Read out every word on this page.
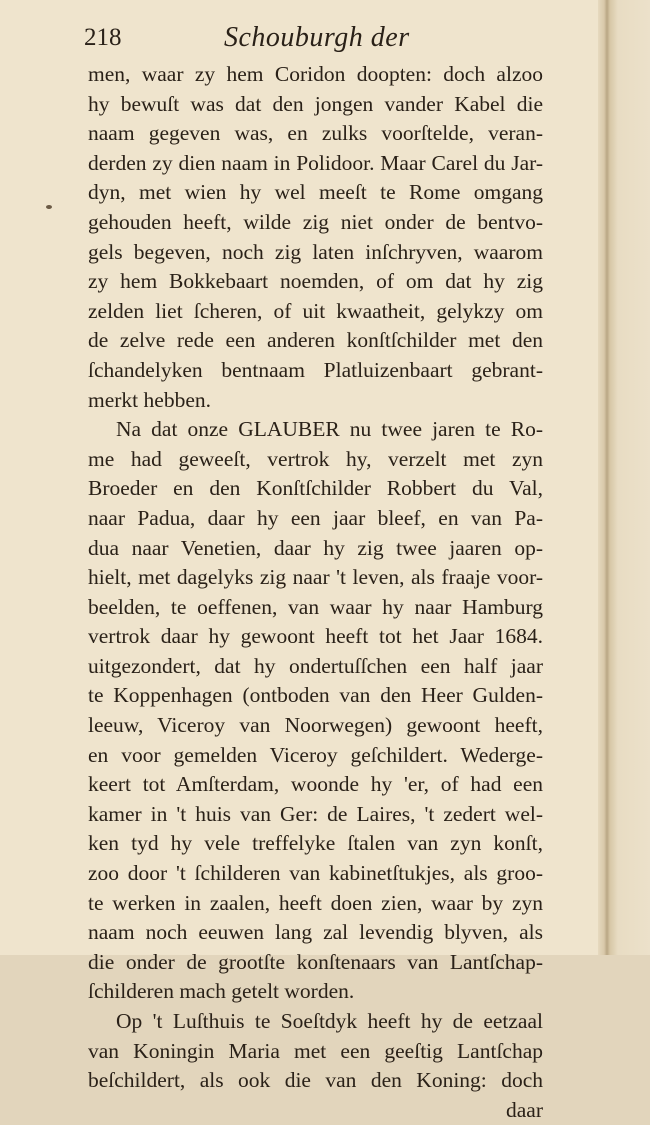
218	Schouburgh der
men, waar zy hem Coridon doopten: doch alzoo
hy bewuſt was dat den jongen vander Kabel die
naam gegeven was, en zulks voorſtelde, veran-
derden zy dien naam in Polidoor. Maar Carel du Jar-
dyn, met wien hy wel meeſt te Rome omgang
gehouden heeft, wilde zig niet onder de bentvo-
gels begeven, noch zig laten inſchryven, waarom
zy hem Bokkebaart noemden, of om dat hy zig
zelden liet ſcheren, of uit kwaatheit, gelykzy om
de zelve rede een anderen konſtſchilder met den
ſchandelyken bentnaam Platluizenbaart gebrant-
merkt hebben.
Na dat onze GLAUBER nu twee jaren te Ro-
me had geweeſt, vertrok hy, verzelt met zyn
Broeder en den Konſtſchilder Robbert du Val,
naar Padua, daar hy een jaar bleef, en van Pa-
dua naar Venetien, daar hy zig twee jaaren op-
hielt, met dagelyks zig naar 't leven, als fraaje voor-
beelden, te oeffenen, van waar hy naar Hamburg
vertrok daar hy gewoont heeft tot het Jaar 1684.
uitgezondert, dat hy ondertuſſchen een half jaar
te Koppenhagen (ontboden van den Heer Gulden-
leeuw, Viceroy van Noorwegen) gewoont heeft,
en voor gemelden Viceroy geſchildert. Wederge-
keert tot Amſterdam, woonde hy 'er, of had een
kamer in 't huis van Ger: de Laires, 't zedert wel-
ken tyd hy vele treffelyke ſtalen van zyn konſt,
zoo door 't ſchilderen van kabinetſtukjes, als groo-
te werken in zaalen, heeft doen zien, waar by zyn
naam noch eeuwen lang zal levendig blyven, als
die onder de grootſte konſtenaars van Lantſchap-
ſchilderen mach getelt worden.
Op 't Luſthuis te Soeſtdyk heeft hy de eetzaal
van Koningin Maria met een geeſtig Lantſchap
beſchildert, als ook die van den Koning: doch
daar
